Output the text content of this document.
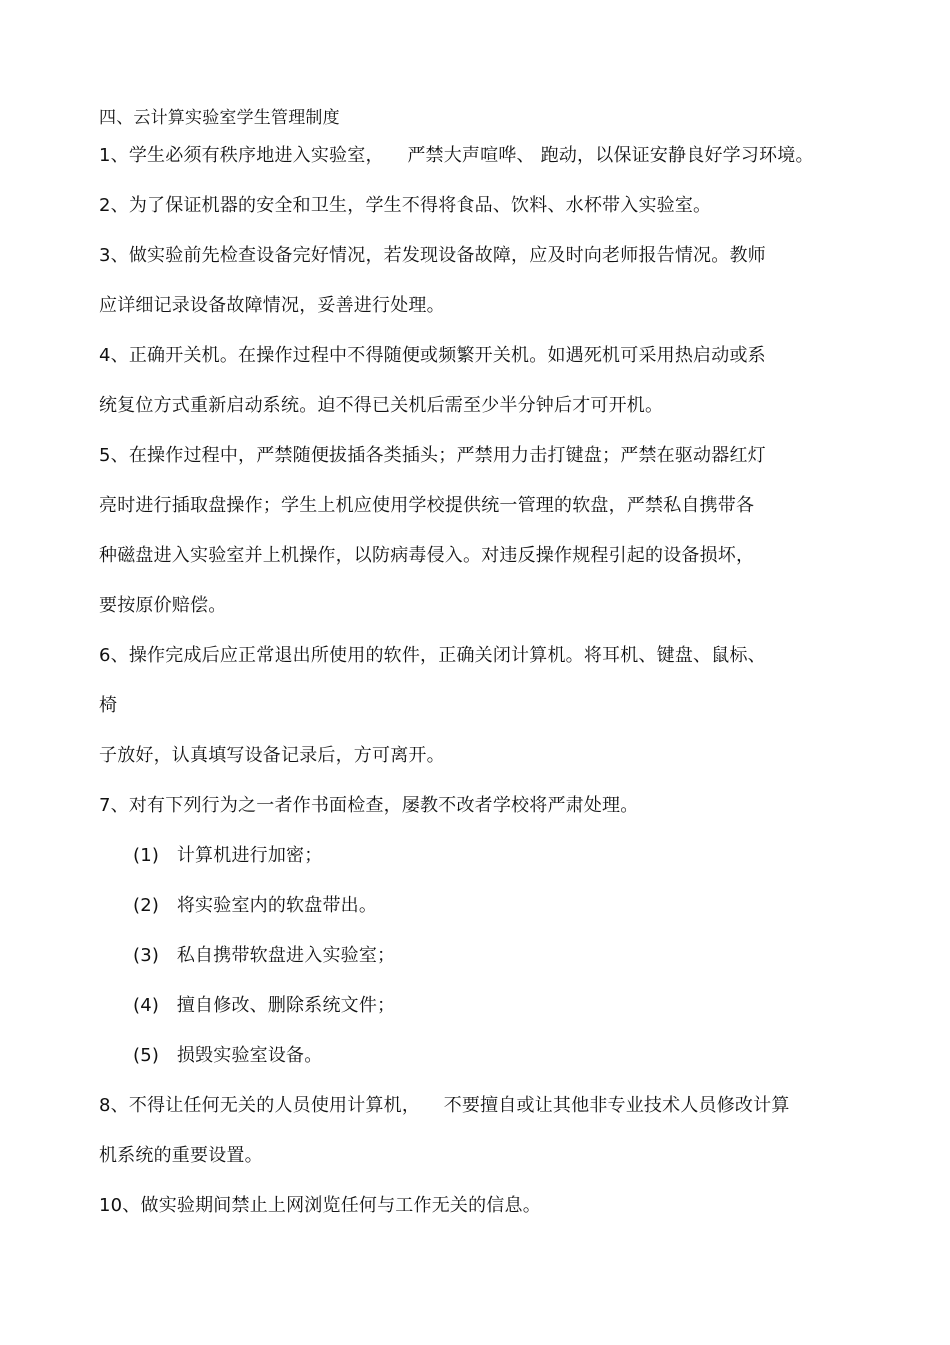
四、云计算实验室学生管理制度
1、学生必须有秩序地进入实验室，    严禁大声喧哗、 跑动，以保证安静良好学习环境。
2、为了保证机器的安全和卫生，学生不得将食品、饮料、水杯带入实验室。
3、做实验前先检查设备完好情况，若发现设备故障，应及时向老师报告情况。教师
应详细记录设备故障情况，妥善进行处理。
4、正确开关机。在操作过程中不得随便或频繁开关机。如遇死机可采用热启动或系
统复位方式重新启动系统。迫不得已关机后需至少半分钟后才可开机。
5、在操作过程中，严禁随便拔插各类插头；严禁用力击打键盘；严禁在驱动器红灯
亮时进行插取盘操作；学生上机应使用学校提供统一管理的软盘，严禁私自携带各
种磁盘进入实验室并上机操作，以防病毒侵入。对违反操作规程引起的设备损坏，
要按原价赔偿。
6、操作完成后应正常退出所使用的软件，正确关闭计算机。将耳机、键盘、鼠标、
椅
子放好，认真填写设备记录后，方可离开。
7、对有下列行为之一者作书面检查，屡教不改者学校将严肃处理。
(1)   计算机进行加密；
(2)   将实验室内的软盘带出。
(3)   私自携带软盘进入实验室；
(4)   擅自修改、删除系统文件；
(5)   损毁实验室设备。
8、不得让任何无关的人员使用计算机，    不要擅自或让其他非专业技术人员修改计算
机系统的重要设置。
10、做实验期间禁止上网浏览任何与工作无关的信息。
